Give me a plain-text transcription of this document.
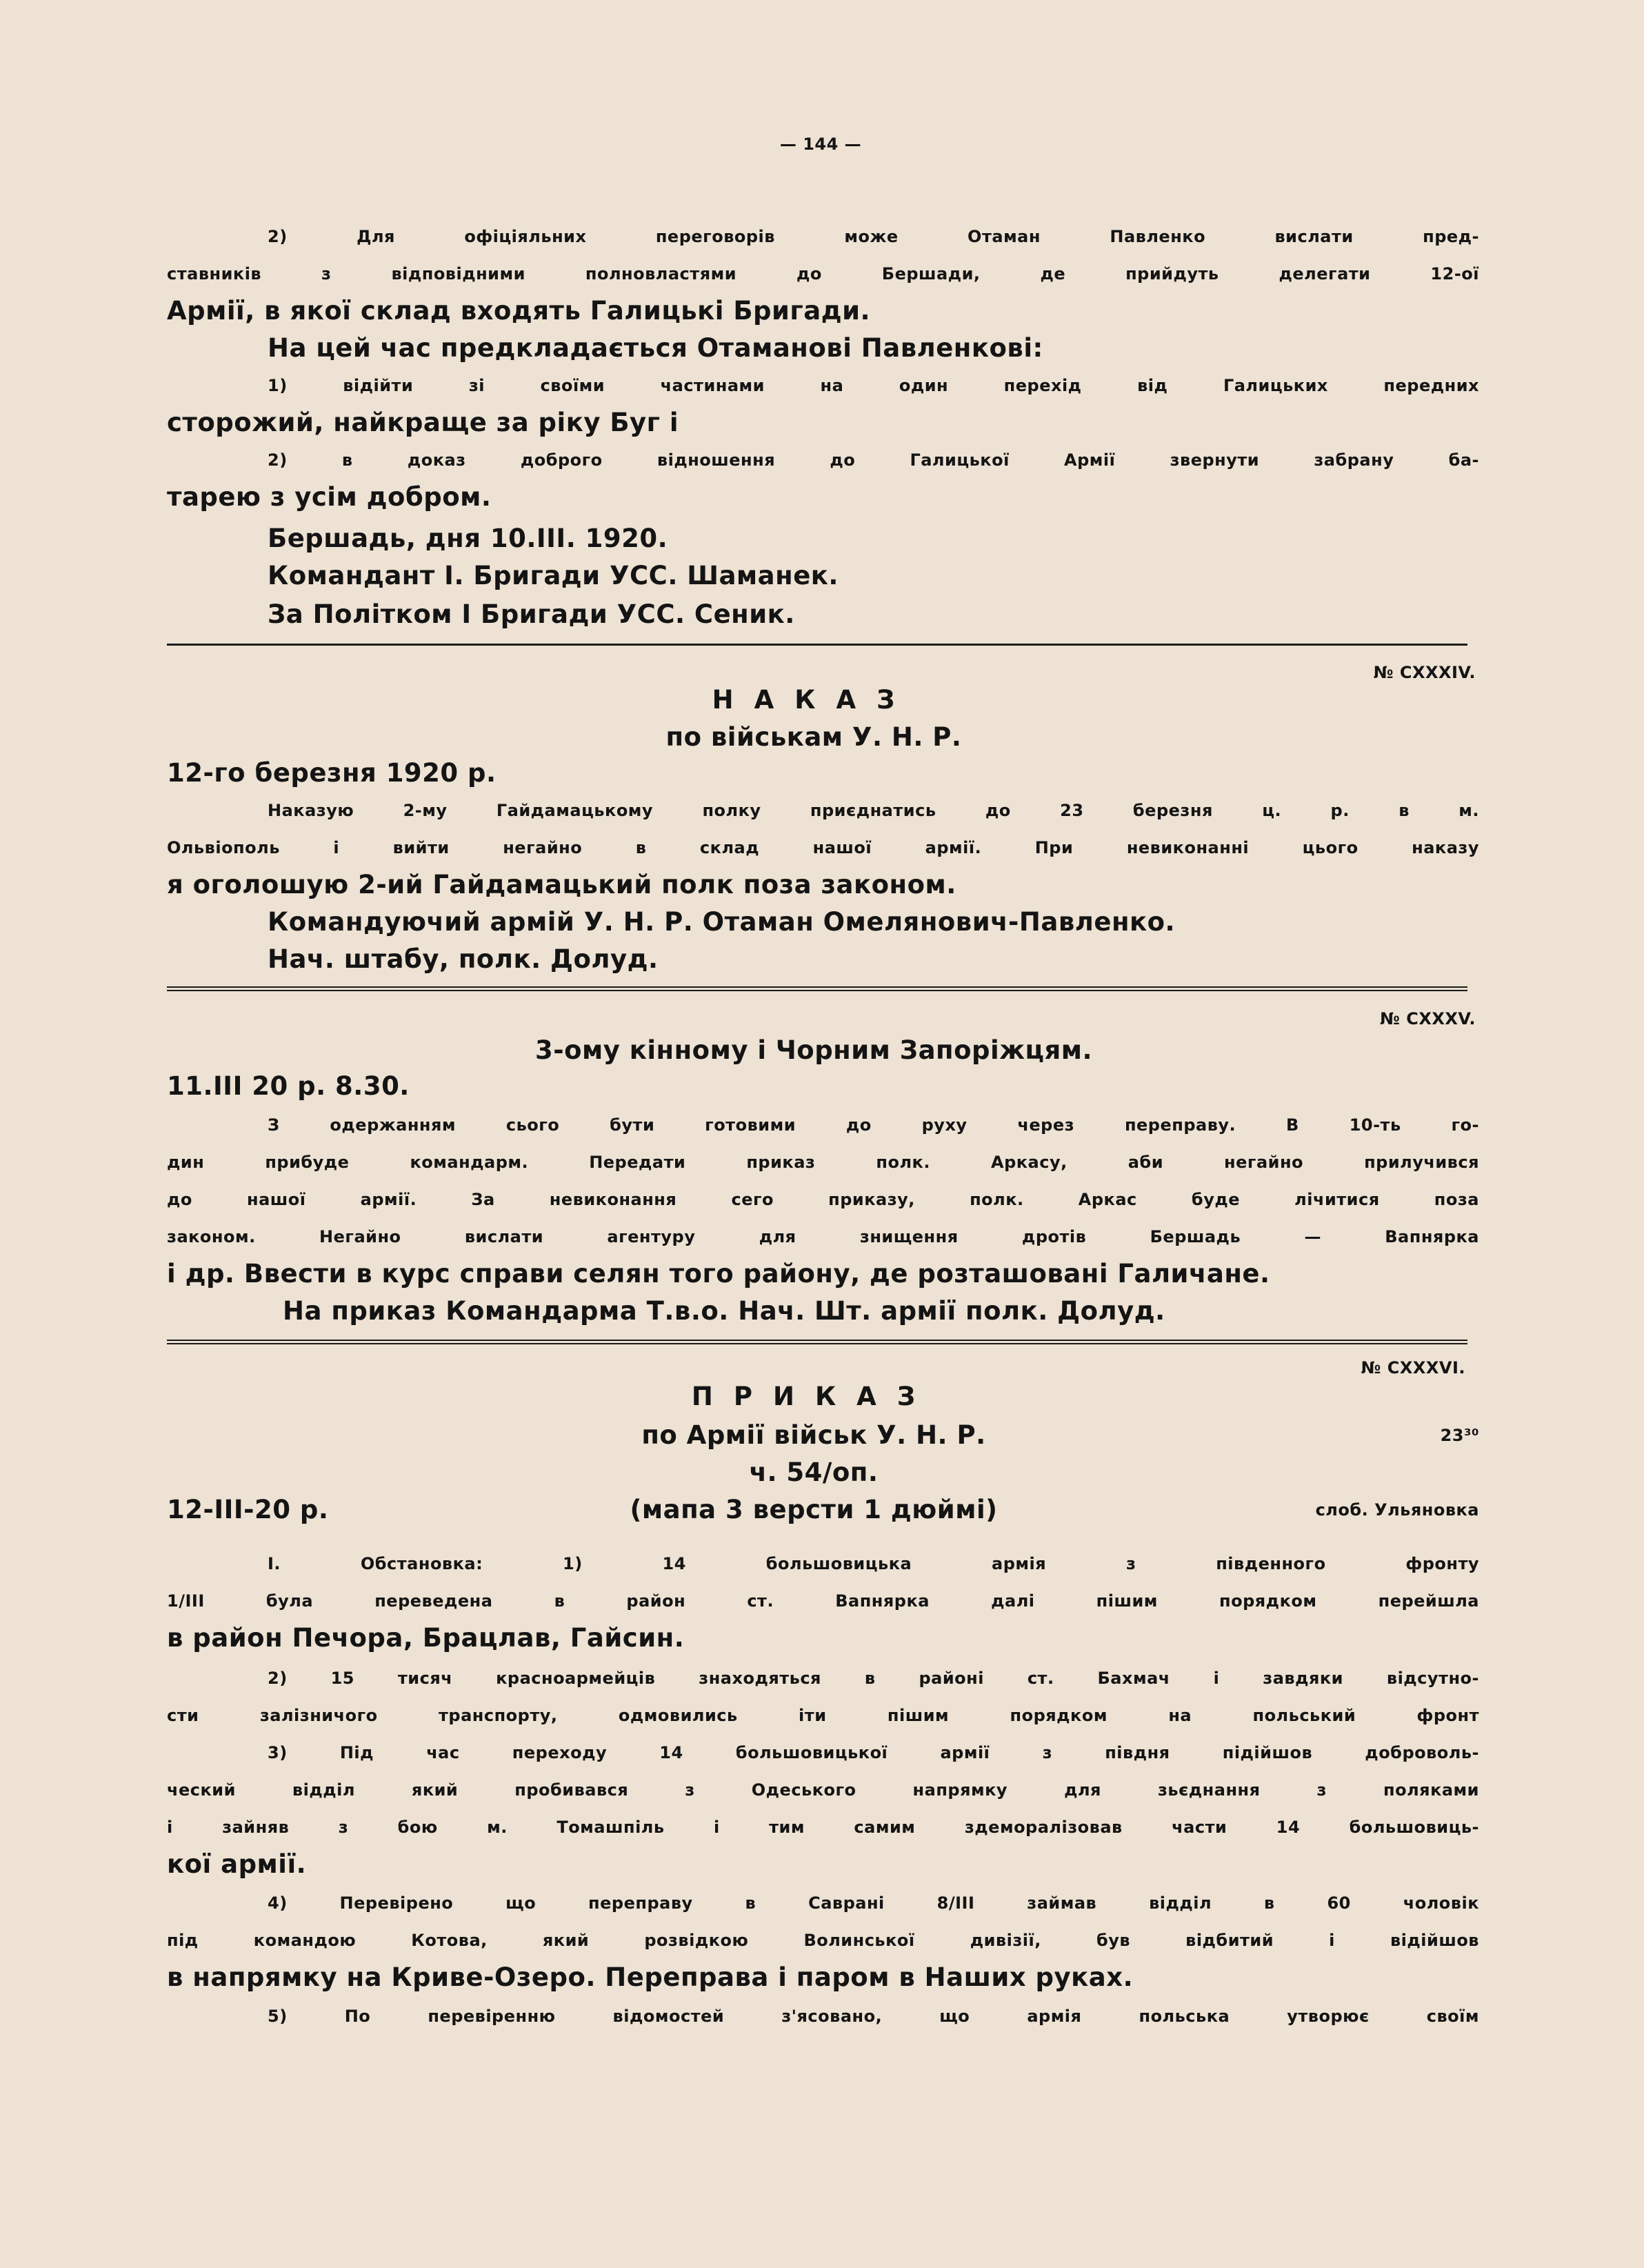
— 144 —
2) Для офіціяльних переговорів може Отаман Павленко вислати пред-
ставників з відповідними полновластями до Бершади, де прийдуть делегати 12-ої
Армії, в якої склад входять Галицькі Бригади.
На цей час предкладається Отаманові Павленкові:
1) відійти зі своїми частинами на один перехід від Галицьких передних
сторожий, найкраще за ріку Буг і
2) в доказ доброго відношення до Галицької Армії звернути забрану ба-
тарею з усім добром.
Бершадь, дня 10.III. 1920.
Командант І. Бригади УСС. Шаманек.
За Політком І Бригади УСС. Сеник.
№ CXXXIV.
НАКАЗ
по військам У. Н. Р.
12-го березня 1920 р.
Наказую 2-му Гайдамацькому полку приєднатись до 23 березня ц. р. в м.
Ольвіополь і вийти негайно в склад нашої армії. При невиконанні цього наказу
я оголошую 2-ий Гайдамацький полк поза законом.
Командуючий армій У. Н. Р. Отаман Омелянович-Павленко.
Нач. штабу, полк. Долуд.
№ CXXXV.
3-ому кінному і Чорним Запоріжцям.
11.III 20 р. 8.30.
З одержанням сього бути готовими до руху через переправу. В 10-ть го-
дин прибуде командарм. Передати приказ полк. Аркасу, аби негайно прилучився
до нашої армії. За невиконання сего приказу, полк. Аркас буде лічитися поза
законом. Негайно вислати агентуру для знищення дротів Бершадь — Вапнярка
і др. Ввести в курс справи селян того району, де розташовані Галичане.
На приказ Командарма Т.в.о. Нач. Шт. армії полк. Долуд.
№ CXXXVI.
ПРИКАЗ
по Армії військ У. Н. Р.	23³⁰
ч. 54/оп.
12-III-20 р.	(мапа 3 версти 1 дюймі)	слоб. Ульяновка
І. Обстановка: 1) 14 большовицька армія з південного фронту
1/III була переведена в район ст. Вапнярка далі пішим порядком перейшла
в район Печора, Брацлав, Гайсин.
2) 15 тисяч красноармейців знаходяться в районі ст. Бахмач і завдяки відсутно-
сти залізничого транспорту, одмовились іти пішим порядком на польський фронт
3) Під час переходу 14 большовицької армії з півдня підійшов доброволь-
ческий відділ який пробивався з Одеського напрямку для зьєднання з поляками
і зайняв з бою м. Томашпіль і тим самим здеморалізовав части 14 большовиць-
кої армії.
4) Перевірено що переправу в Саврані 8/III займав відділ в 60 чоловік
під командою Котова, який розвідкою Волинської дивізії, був відбитий і відійшов
в напрямку на Криве-Озеро. Переправа і паром в Наших руках.
5) По перевіренню відомостей з'ясовано, що армія польська утворює своїм
